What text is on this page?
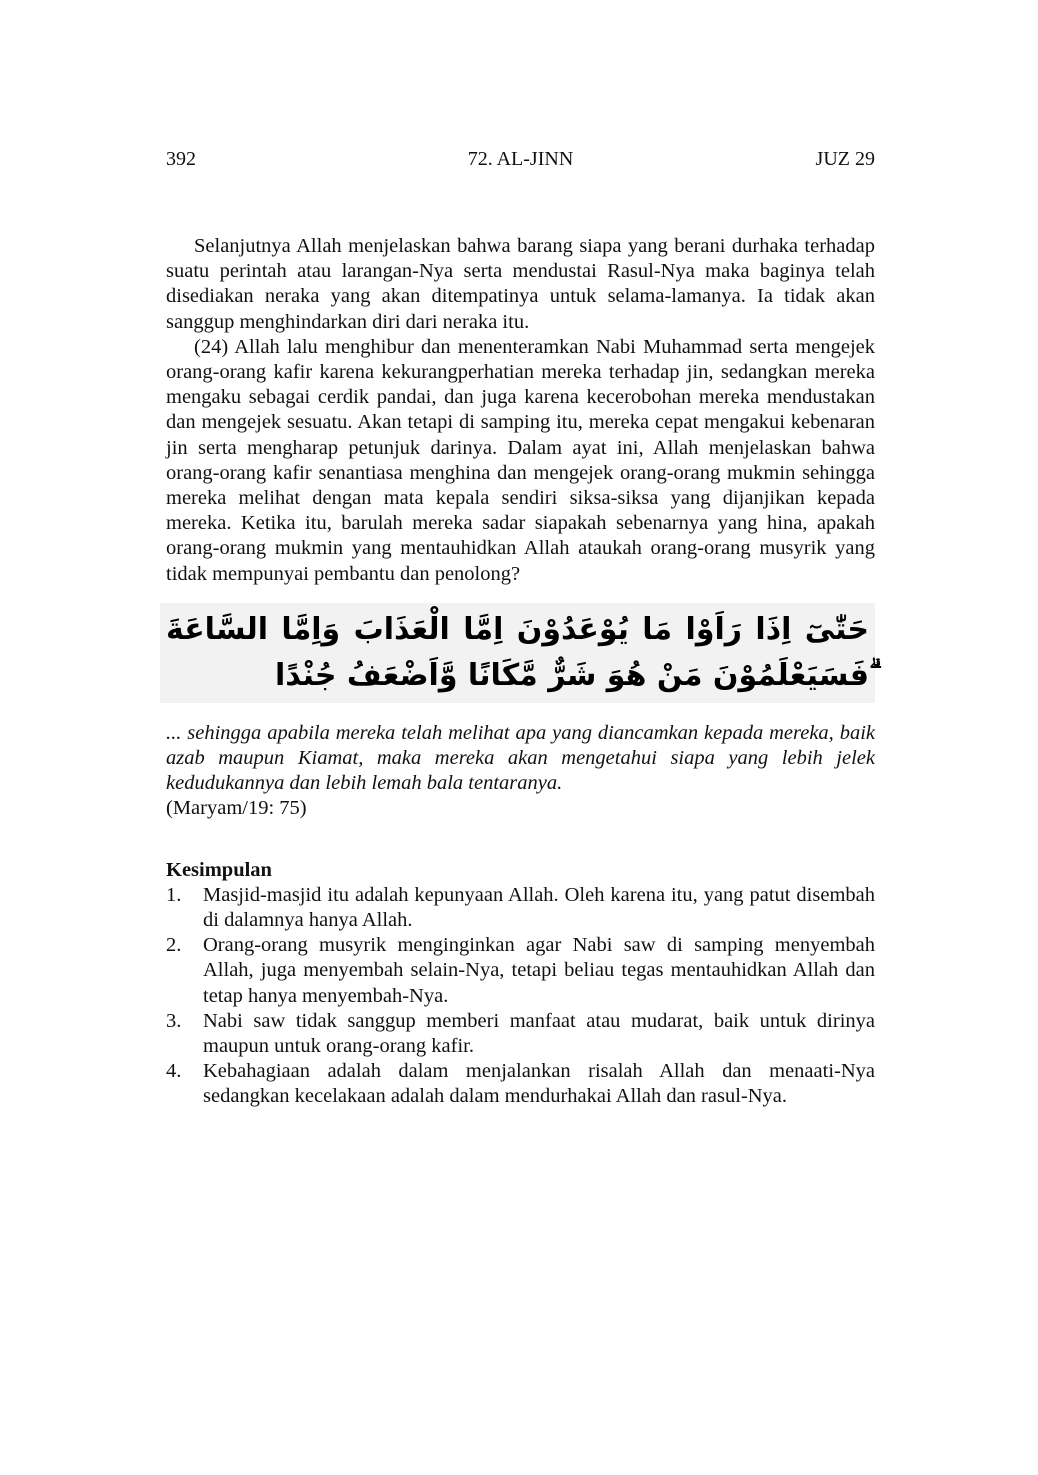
392	72. AL-JINN	JUZ 29

Selanjutnya Allah menjelaskan bahwa barang siapa yang berani durhaka terhadap suatu perintah atau larangan-Nya serta mendustai Rasul-Nya maka baginya telah disediakan neraka yang akan ditempatinya untuk selama-lamanya. Ia tidak akan sanggup menghindarkan diri dari neraka itu.

(24) Allah lalu menghibur dan menenteramkan Nabi Muhammad serta mengejek orang-orang kafir karena kekurangperhatian mereka terhadap jin, sedangkan mereka mengaku sebagai cerdik pandai, dan juga karena kecerobohan mereka mendustakan dan mengejek sesuatu. Akan tetapi di samping itu, mereka cepat mengakui kebenaran jin serta mengharap petunjuk darinya. Dalam ayat ini, Allah menjelaskan bahwa orang-orang kafir senantiasa menghina dan mengejek orang-orang mukmin sehingga mereka melihat dengan mata kepala sendiri siksa-siksa yang dijanjikan kepada mereka. Ketika itu, barulah mereka sadar siapakah sebenarnya yang hina, apakah orang-orang mukmin yang mentauhidkan Allah ataukah orang-orang musyrik yang tidak mempunyai pembantu dan penolong?

حَتّٰىٓ اِذَا رَاَوْا مَا يُوْعَدُوْنَ اِمَّا الْعَذَابَ وَاِمَّا السَّاعَةَ ۗفَسَيَعْلَمُوْنَ مَنْ هُوَ شَرٌّ مَّكَانًا وَّاَضْعَفُ جُنْدًا

... sehingga apabila mereka telah melihat apa yang diancamkan kepada mereka, baik azab maupun Kiamat, maka mereka akan mengetahui siapa yang lebih jelek kedudukannya dan lebih lemah bala tentaranya.
(Maryam/19: 75)

Kesimpulan

1. Masjid-masjid itu adalah kepunyaan Allah. Oleh karena itu, yang patut disembah di dalamnya hanya Allah.
2. Orang-orang musyrik menginginkan agar Nabi saw di samping menyembah Allah, juga menyembah selain-Nya, tetapi beliau tegas mentauhidkan Allah dan tetap hanya menyembah-Nya.
3. Nabi saw tidak sanggup memberi manfaat atau mudarat, baik untuk dirinya maupun untuk orang-orang kafir.
4. Kebahagiaan adalah dalam menjalankan risalah Allah dan menaati-Nya sedangkan kecelakaan adalah dalam mendurhakai Allah dan rasul-Nya.
